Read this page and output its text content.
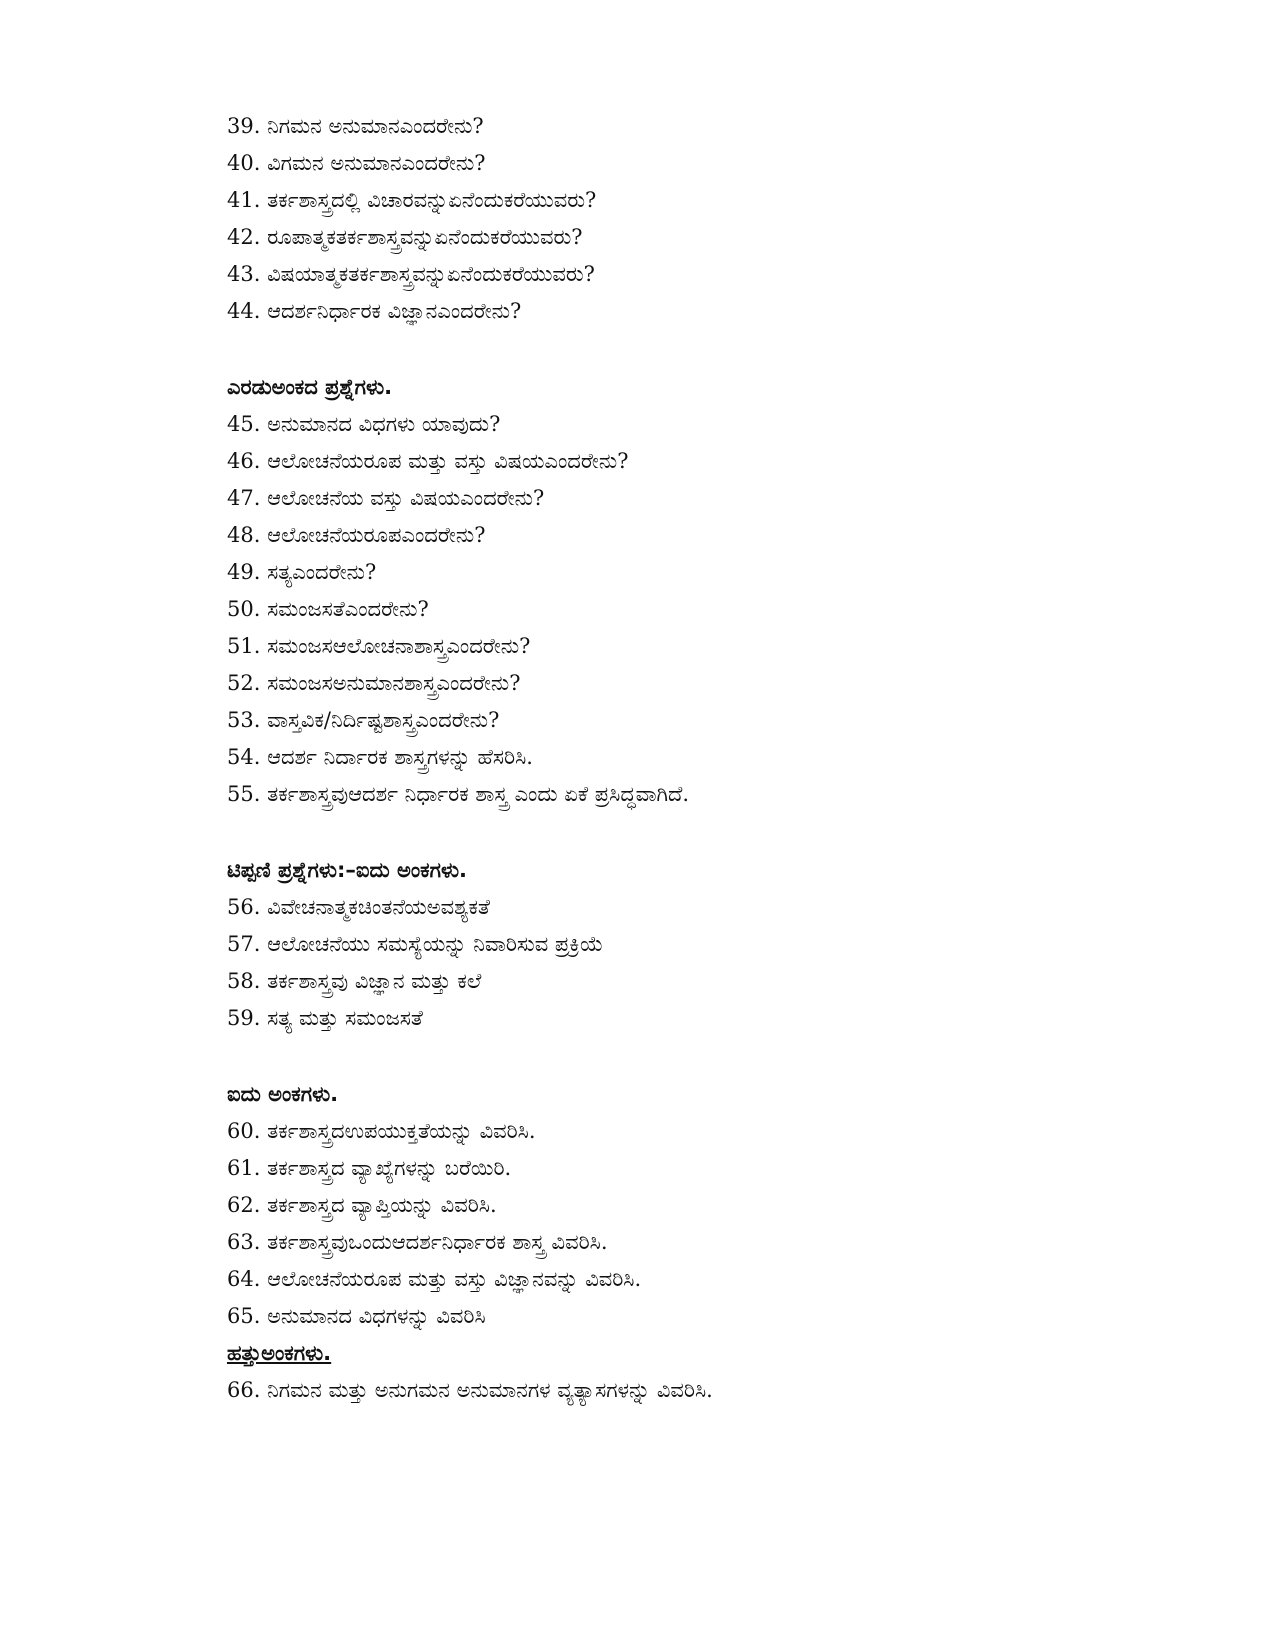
39. ನಿಗಮನ ಅನುಮಾನಎಂದರೇನು?
40. ವಿಗಮನ ಅನುಮಾನಎಂದರೇನು?
41. ತರ್ಕಶಾಸ್ತ್ರದಲ್ಲಿ ವಿಚಾರವನ್ನುಏನೆಂದುಕರೆಯುವರು?
42. ರೂಪಾತ್ಮಕತರ್ಕಶಾಸ್ತ್ರವನ್ನುಏನೆಂದುಕರೆಯುವರು?
43. ವಿಷಯಾತ್ಮಕತರ್ಕಶಾಸ್ತ್ರವನ್ನುಏನೆಂದುಕರೆಯುವರು?
44. ಆದರ್ಶನಿರ್ಧಾರಕ ವಿಜ್ಞಾನಎಂದರೇನು?
ಎರಡುಅಂಕದ ಪ್ರಶ್ನೆಗಳು.
45. ಅನುಮಾನದ ವಿಧಗಳು ಯಾವುದು?
46. ಆಲೋಚನೆಯರೂಪ ಮತ್ತು ವಸ್ತು ವಿಷಯಎಂದರೇನು?
47. ಆಲೋಚನೆಯ ವಸ್ತು ವಿಷಯಎಂದರೇನು?
48. ಆಲೋಚನೆಯರೂಪಎಂದರೇನು?
49. ಸತ್ಯಎಂದರೇನು?
50. ಸಮಂಜಸತೆಎಂದರೇನು?
51. ಸಮಂಜಸಆಲೋಚನಾಶಾಸ್ತ್ರಎಂದರೇನು?
52. ಸಮಂಜಸಅನುಮಾನಶಾಸ್ತ್ರಎಂದರೇನು?
53. ವಾಸ್ತವಿಕ/ನಿರ್ದಿಷ್ಟಶಾಸ್ತ್ರಎಂದರೇನು?
54. ಆದರ್ಶ ನಿರ್ದಾರಕ ಶಾಸ್ತ್ರಗಳನ್ನು ಹೆಸರಿಸಿ.
55. ತರ್ಕಶಾಸ್ತ್ರವುಆದರ್ಶ ನಿರ್ಧಾರಕ ಶಾಸ್ತ್ರ ಎಂದು ಏಕೆ ಪ್ರಸಿದ್ಧವಾಗಿದೆ.
ಟಿಪ್ಪಣಿ ಪ್ರಶ್ನೆಗಳು:–ಐದು ಅಂಕಗಳು.
56. ವಿವೇಚನಾತ್ಮಕಚಿಂತನೆಯಅವಶ್ಯಕತೆ
57. ಆಲೋಚನೆಯು ಸಮಸ್ಯೆಯನ್ನು ನಿವಾರಿಸುವ ಪ್ರಕ್ರಿಯೆ
58. ತರ್ಕಶಾಸ್ತ್ರವು ವಿಜ್ಞಾನ ಮತ್ತು ಕಲೆ
59. ಸತ್ಯ ಮತ್ತು ಸಮಂಜಸತೆ
ಐದು ಅಂಕಗಳು.
60. ತರ್ಕಶಾಸ್ತ್ರದಉಪಯುಕ್ತತೆಯನ್ನು ವಿವರಿಸಿ.
61. ತರ್ಕಶಾಸ್ತ್ರದ ವ್ಯಾಖ್ಯೆಗಳನ್ನು ಬರೆಯಿರಿ.
62. ತರ್ಕಶಾಸ್ತ್ರದ ವ್ಯಾಪ್ತಿಯನ್ನು ವಿವರಿಸಿ.
63. ತರ್ಕಶಾಸ್ತ್ರವುಒಂದುಆದರ್ಶನಿರ್ಧಾರಕ ಶಾಸ್ತ್ರ ವಿವರಿಸಿ.
64. ಆಲೋಚನೆಯರೂಪ ಮತ್ತು ವಸ್ತು ವಿಜ್ಞಾನವನ್ನು ವಿವರಿಸಿ.
65. ಅನುಮಾನದ ವಿಧಗಳನ್ನು ವಿವರಿಸಿ
ಹತ್ತುಅಂಕಗಳು.
66. ನಿಗಮನ ಮತ್ತು ಅನುಗಮನ ಅನುಮಾನಗಳ ವ್ಯತ್ಯಾಸಗಳನ್ನು ವಿವರಿಸಿ.
